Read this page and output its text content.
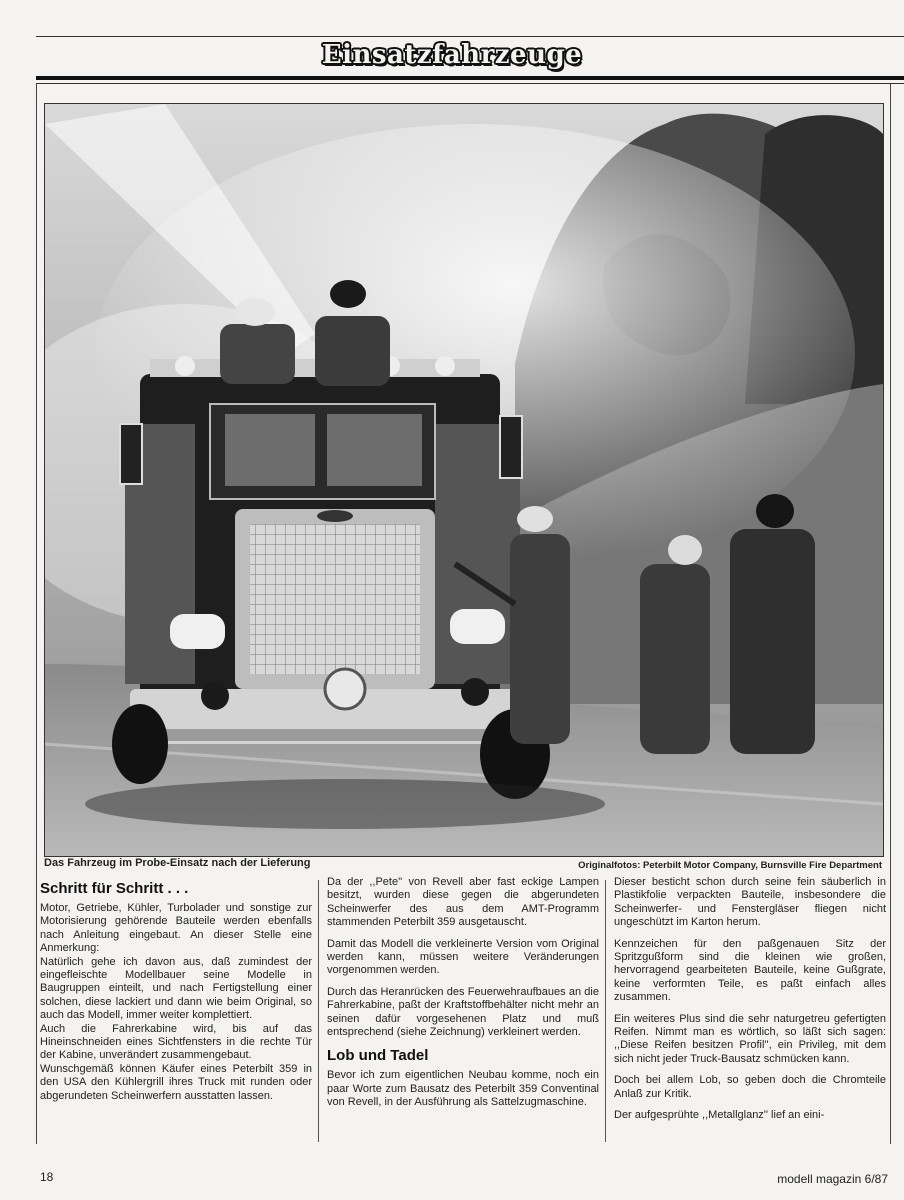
Einsatzfahrzeuge
Das Fahrzeug im Probe-Einsatz nach der Lieferung	Originalfotos: Peterbilt Motor Company, Burnsville Fire Department
Schritt für Schritt . . .

Motor, Getriebe, Kühler, Turbolader und sonstige zur Motorisierung gehörende Bauteile werden ebenfalls nach Anleitung eingebaut. An dieser Stelle eine Anmerkung:

Natürlich gehe ich davon aus, daß zumindest der eingefleischte Modellbauer seine Modelle in Baugruppen einteilt, und nach Fertigstellung einer solchen, diese lackiert und dann wie beim Original, so auch das Modell, immer weiter komplettiert.

Auch die Fahrerkabine wird, bis auf das Hineinschneiden eines Sichtfensters in die rechte Tür der Kabine, unverändert zusammengebaut.

Wunschgemäß können Käufer eines Peterbilt 359 in den USA den Kühlergrill ihres Truck mit runden oder abgerundeten Scheinwerfern ausstatten lassen.

Da der ,,Pete'' von Revell aber fast eckige Lampen besitzt, wurden diese gegen die abgerundeten Scheinwerfer des aus dem AMT-Programm stammenden Peterbilt 359 ausgetauscht.

Damit das Modell die verkleinerte Version vom Original werden kann, müssen weitere Veränderungen vorgenommen werden.

Durch das Heranrücken des Feuerwehraufbaues an die Fahrerkabine, paßt der Kraftstoffbehälter nicht mehr an seinen dafür vorgesehenen Platz und muß entsprechend (siehe Zeichnung) verkleinert werden.

Lob und Tadel

Bevor ich zum eigentlichen Neubau komme, noch ein paar Worte zum Bausatz des Peterbilt 359 Conventinal von Revell, in der Ausführung als Sattelzugmaschine.

Dieser besticht schon durch seine fein säuberlich in Plastikfolie verpackten Bauteile, insbesondere die Scheinwerfer- und Fenstergläser fliegen nicht ungeschützt im Karton herum.

Kennzeichen für den paßgenauen Sitz der Spritzgußform sind die kleinen wie großen, hervorragend gearbeiteten Bauteile, keine Gußgrate, keine verformten Teile, es paßt einfach alles zusammen.

Ein weiteres Plus sind die sehr naturgetreu gefertigten Reifen. Nimmt man es wörtlich, so läßt sich sagen: ,,Diese Reifen besitzen Profil'', ein Privileg, mit dem sich nicht jeder Truck-Bausatz schmücken kann.

Doch bei allem Lob, so geben doch die Chromteile Anlaß zur Kritik.

Der aufgesprühte ,,Metallglanz'' lief an eini-

18	modell magazin 6/87
